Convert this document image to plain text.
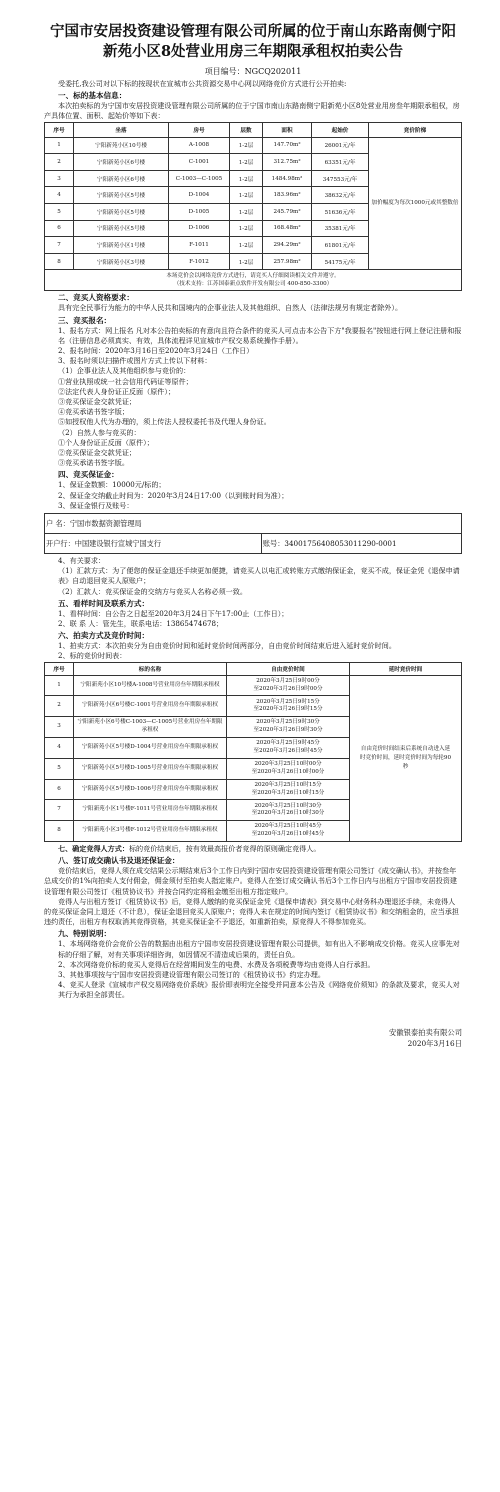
宁国市安居投资建设管理有限公司所属的位于南山东路南侧宁阳新苑小区8处营业用房三年期限承租权拍卖公告
项目编号：NGCQ202011

受委托,我公司对以下标的按现状在宣城市公共资源交易中心网以网络竞价方式进行公开拍卖:

一、标的基本信息：

本次拍卖标的为宁国市安居投资建设管理有限公司所属的位于宁国市南山东路南侧宁阳新苑小区8处营业用房叁年期限承租权，房产具体位置、面积、起始价等如下表：

序号	坐落	房号	层数	面积	起始价	竞价阶梯
1	宁阳新苑小区10号楼	A-1008	1-2层	147.70m²	26001元/年	加价幅度为每次1000元或其整数倍
2	宁阳新苑小区6号楼	C-1001	1-2层	312.75m²	63351元/年	
3	宁阳新苑小区6号楼	C-1003—C-1005	1-2层	1484.98m²	347553元/年	
4	宁阳新苑小区5号楼	D-1004	1-2层	183.96m²	38632元/年	
5	宁阳新苑小区5号楼	D-1005	1-2层	245.79m²	51636元/年	
6	宁阳新苑小区5号楼	D-1006	1-2层	168.48m²	35381元/年	
7	宁阳新苑小区1号楼	F-1011	1-2层	294.29m²	61801元/年	
8	宁阳新苑小区3号楼	F-1012	1-2层	257.98m²	54175元/年	
本场竞价会以网络竞价方式进行，请竞买人仔细阅读相关文件并遵守。
（技术支持：江苏国泰新点软件开发有限公司 400-850-3300）						
二、竞买人资格要求：

具有完全民事行为能力的中华人民共和国境内的企事业法人及其他组织、自然人（法律法规另有规定者除外）。

三、竞买报名：

1、报名方式：网上报名 凡对本公告拍卖标的有意向且符合条件的竞买人可点击本公告下方"我要报名"按钮进行网上登记注册和报名（注册信息必须真实、有效，具体流程详见宣城市产权交易系统操作手册）。

2、报名时间：2020年3月16日至2020年3月24日（工作日）

3、报名时须以扫描件或图片方式上传以下材料：

（1）企事业法人及其他组织参与竞价的：

①营业执照或统一社会信用代码证等原件；

②法定代表人身份证正反面（原件）；

③竞买保证金交款凭证；

④竞买承诺书签字版；

⑤如授权他人代为办理的，须上传法人授权委托书及代理人身份证。

（2）自然人参与竞买的：

①个人身份证正反面（原件）；

②竞买保证金交款凭证；

③竞买承诺书签字版。

四、竞买保证金：

1、保证金数额：10000元/标的；

2、保证金交纳截止时间为：2020年3月24日17:00（以到账时间为准）；

3、保证金银行及账号：

户 名：宁国市数据资源管理局
开户行：中国建设银行宣城宁国支行	账号：34001756408053011290-0001

4、有关要求：

（1）汇款方式：为了便您的保证金退还手续更加便捷，请竞买人以电汇或转账方式缴纳保证金，竞买不成，保证金凭《退保申请表》自动退回竞买人原账户；

（2）汇款人：竞买保证金的交纳方与竞买人名称必须一致。

五、看样时间及联系方式：

1、看样时间：自公告之日起至2020年3月24日下午17:00止（工作日）；

2、联 系 人：管先生，联系电话：13865474678；

六、拍卖方式及竞价时间：

1、拍卖方式：本次拍卖分为自由竞价时间和延时竞价时间两部分，自由竞价时间结束后进入延时竞价时间。

2、标的竞价时间表：

序号	标的名称	自由竞价时间	延时竞价时间
1	宁阳新苑小区10号楼A-1008号营业用房叁年期限承租权	2020年3月25日9时00分
至2020年3月26日9时00分	自由竞价时间结束后系统自动进入延时竞价时间，延时竞价时间为每轮90秒
2	宁阳新苑小区6号楼C-1001号营业用房叁年期限承租权	2020年3月25日9时15分
至2020年3月26日9时15分	
3	宁阳新苑小区6号楼C-1003—C-1005号营业用房叁年期限承租权	2020年3月25日9时30分
至2020年3月26日9时30分	
4	宁阳新苑小区5号楼D-1004号营业用房叁年期限承租权	2020年3月25日9时45分
至2020年3月26日9时45分	
5	宁阳新苑小区5号楼D-1005号营业用房叁年期限承租权	2020年3月25日10时00分
至2020年3月26日10时00分	
6	宁阳新苑小区5号楼D-1006号营业用房叁年期限承租权	2020年3月25日10时15分
至2020年3月26日10时15分	
7	宁阳新苑小区1号楼F-1011号营业用房叁年期限承租权	2020年3月25日10时30分
至2020年3月26日10时30分	
8	宁阳新苑小区3号楼F-1012号营业用房叁年期限承租权	2020年3月25日10时45分
至2020年3月26日10时45分	

七、确定竞得人方式：标的竞价结束后，按有效最高报价者竞得的原则确定竞得人。

八、签订成交确认书及退还保证金：

竞价结束后，竞得人须在成交结果公示期结束后3个工作日内到宁国市安居投资建设管理有限公司签订《成交确认书》，并按叁年总成交价的1%向拍卖人支付佣金，佣金须付至拍卖人指定账户。竞得人在签订成交确认书后3个工作日内与出租方宁国市安居投资建设管理有限公司签订《租赁协议书》并按合同约定将租金缴至出租方指定账户。

竞得人与出租方签订《租赁协议书》后，竞得人缴纳的竞买保证金凭《退保申请表》到交易中心财务科办理退还手续，未竞得人的竞买保证金同上退还（不计息），保证金退回竞买人原账户；竞得人未在规定的时间内签订《租赁协议书》和交纳租金的，应当承担违约责任，出租方有权取消其竞得资格，其竞买保证金不予退还，如重新拍卖，原竞得人不得参加竞买。

九、特别说明：

1、本场网络竞价会竞价公告的数据由出租方宁国市安居投资建设管理有限公司提供，如有出入不影响成交价格。竞买人应事先对标的仔细了解，对有关事项详细咨询，如因情况不清造成后果的，责任自负。

2、本次网络竞价标的竞买人竞得后在经营期间发生的电费、水费及各项税费等均由竞得人自行承担。

3、其他事项按与宁国市安居投资建设管理有限公司签订的《租赁协议书》约定办理。

4、竞买人登录《宣城市产权交易网络竞价系统》报价即表明完全接受并同意本公告及《网络竞价须知》的条款及要求，竞买人对其行为承担全部责任。

安徽银泰拍卖有限公司
2020年3月16日
